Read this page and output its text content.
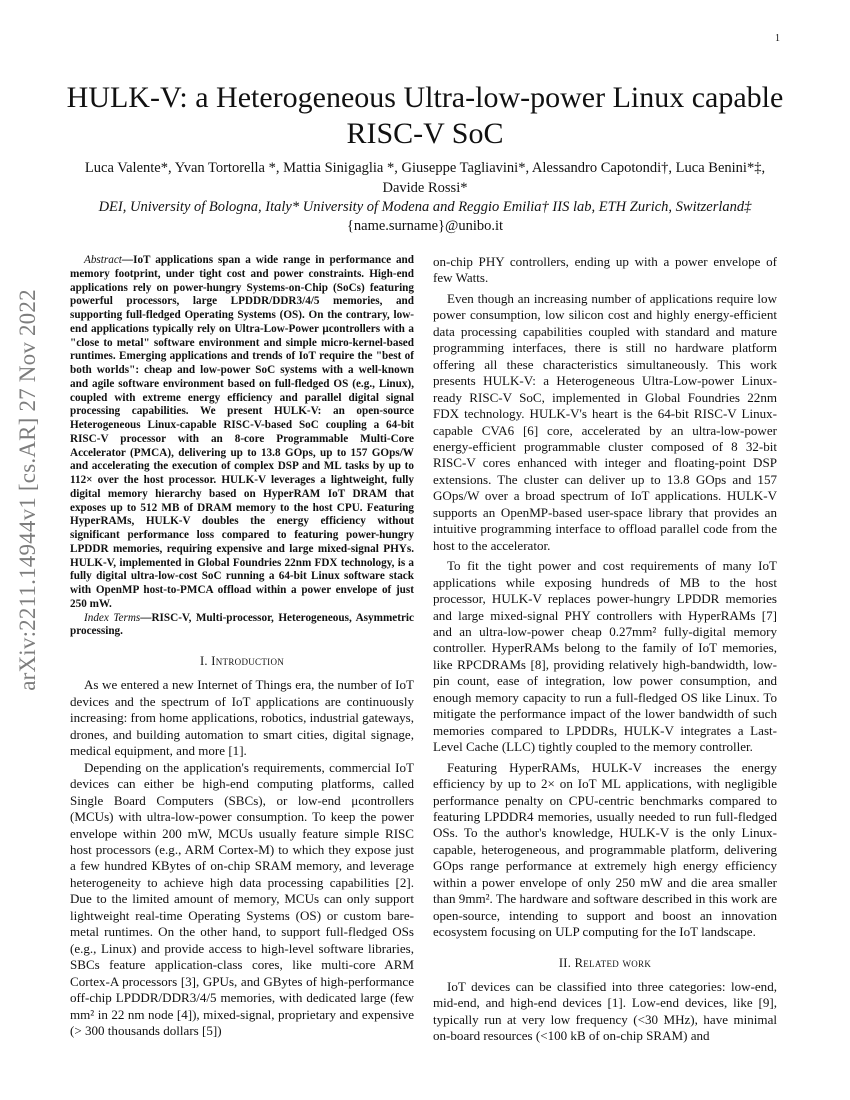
1
arXiv:2211.14944v1 [cs.AR] 27 Nov 2022
HULK-V: a Heterogeneous Ultra-low-power Linux capable RISC-V SoC
Luca Valente*, Yvan Tortorella *, Mattia Sinigaglia *, Giuseppe Tagliavini*, Alessandro Capotondi†, Luca Benini*‡, Davide Rossi*
DEI, University of Bologna, Italy* University of Modena and Reggio Emilia† IIS lab, ETH Zurich, Switzerland‡
{name.surname}@unibo.it

Abstract—IoT applications span a wide range in performance and memory footprint, under tight cost and power constraints. High-end applications rely on power-hungry Systems-on-Chip (SoCs) featuring powerful processors, large LPDDR/DDR3/4/5 memories, and supporting full-fledged Operating Systems (OS). On the contrary, low-end applications typically rely on Ultra-Low-Power μcontrollers with a "close to metal" software environment and simple micro-kernel-based runtimes. Emerging applications and trends of IoT require the "best of both worlds": cheap and low-power SoC systems with a well-known and agile software environment based on full-fledged OS (e.g., Linux), coupled with extreme energy efficiency and parallel digital signal processing capabilities. We present HULK-V: an open-source Heterogeneous Linux-capable RISC-V-based SoC coupling a 64-bit RISC-V processor with an 8-core Programmable Multi-Core Accelerator (PMCA), delivering up to 13.8 GOps, up to 157 GOps/W and accelerating the execution of complex DSP and ML tasks by up to 112× over the host processor. HULK-V leverages a lightweight, fully digital memory hierarchy based on HyperRAM IoT DRAM that exposes up to 512 MB of DRAM memory to the host CPU. Featuring HyperRAMs, HULK-V doubles the energy efficiency without significant performance loss compared to featuring power-hungry LPDDR memories, requiring expensive and large mixed-signal PHYs. HULK-V, implemented in Global Foundries 22nm FDX technology, is a fully digital ultra-low-cost SoC running a 64-bit Linux software stack with OpenMP host-to-PMCA offload within a power envelope of just 250 mW.

Index Terms—RISC-V, Multi-processor, Heterogeneous, Asymmetric processing.

I. Introduction

As we entered a new Internet of Things era, the number of IoT devices and the spectrum of IoT applications are continuously increasing: from home applications, robotics, industrial gateways, drones, and building automation to smart cities, digital signage, medical equipment, and more [1].

Depending on the application's requirements, commercial IoT devices can either be high-end computing platforms, called Single Board Computers (SBCs), or low-end μcontrollers (MCUs) with ultra-low-power consumption. To keep the power envelope within 200 mW, MCUs usually feature simple RISC host processors (e.g., ARM Cortex-M) to which they expose just a few hundred KBytes of on-chip SRAM memory, and leverage heterogeneity to achieve high data processing capabilities [2]. Due to the limited amount of memory, MCUs can only support lightweight real-time Operating Systems (OS) or custom bare-metal runtimes. On the other hand, to support full-fledged OSs (e.g., Linux) and provide access to high-level software libraries, SBCs feature application-class cores, like multi-core ARM Cortex-A processors [3], GPUs, and GBytes of high-performance off-chip LPDDR/DDR3/4/5 memories, with dedicated large (few mm² in 22 nm node [4]), mixed-signal, proprietary and expensive (> 300 thousands dollars [5])

on-chip PHY controllers, ending up with a power envelope of few Watts.

Even though an increasing number of applications require low power consumption, low silicon cost and highly energy-efficient data processing capabilities coupled with standard and mature programming interfaces, there is still no hardware platform offering all these characteristics simultaneously. This work presents HULK-V: a Heterogeneous Ultra-Low-power Linux-ready RISC-V SoC, implemented in Global Foundries 22nm FDX technology. HULK-V's heart is the 64-bit RISC-V Linux-capable CVA6 [6] core, accelerated by an ultra-low-power energy-efficient programmable cluster composed of 8 32-bit RISC-V cores enhanced with integer and floating-point DSP extensions. The cluster can deliver up to 13.8 GOps and 157 GOps/W over a broad spectrum of IoT applications. HULK-V supports an OpenMP-based user-space library that provides an intuitive programming interface to offload parallel code from the host to the accelerator.

To fit the tight power and cost requirements of many IoT applications while exposing hundreds of MB to the host processor, HULK-V replaces power-hungry LPDDR memories and large mixed-signal PHY controllers with HyperRAMs [7] and an ultra-low-power cheap 0.27mm² fully-digital memory controller. HyperRAMs belong to the family of IoT memories, like RPCDRAMs [8], providing relatively high-bandwidth, low-pin count, ease of integration, low power consumption, and enough memory capacity to run a full-fledged OS like Linux. To mitigate the performance impact of the lower bandwidth of such memories compared to LPDDRs, HULK-V integrates a Last-Level Cache (LLC) tightly coupled to the memory controller.

Featuring HyperRAMs, HULK-V increases the energy efficiency by up to 2× on IoT ML applications, with negligible performance penalty on CPU-centric benchmarks compared to featuring LPDDR4 memories, usually needed to run full-fledged OSs. To the author's knowledge, HULK-V is the only Linux-capable, heterogeneous, and programmable platform, delivering GOps range performance at extremely high energy efficiency within a power envelope of only 250 mW and die area smaller than 9mm². The hardware and software described in this work are open-source, intending to support and boost an innovation ecosystem focusing on ULP computing for the IoT landscape.

II. Related work

IoT devices can be classified into three categories: low-end, mid-end, and high-end devices [1]. Low-end devices, like [9], typically run at very low frequency (<30 MHz), have minimal on-board resources (<100 kB of on-chip SRAM) and
